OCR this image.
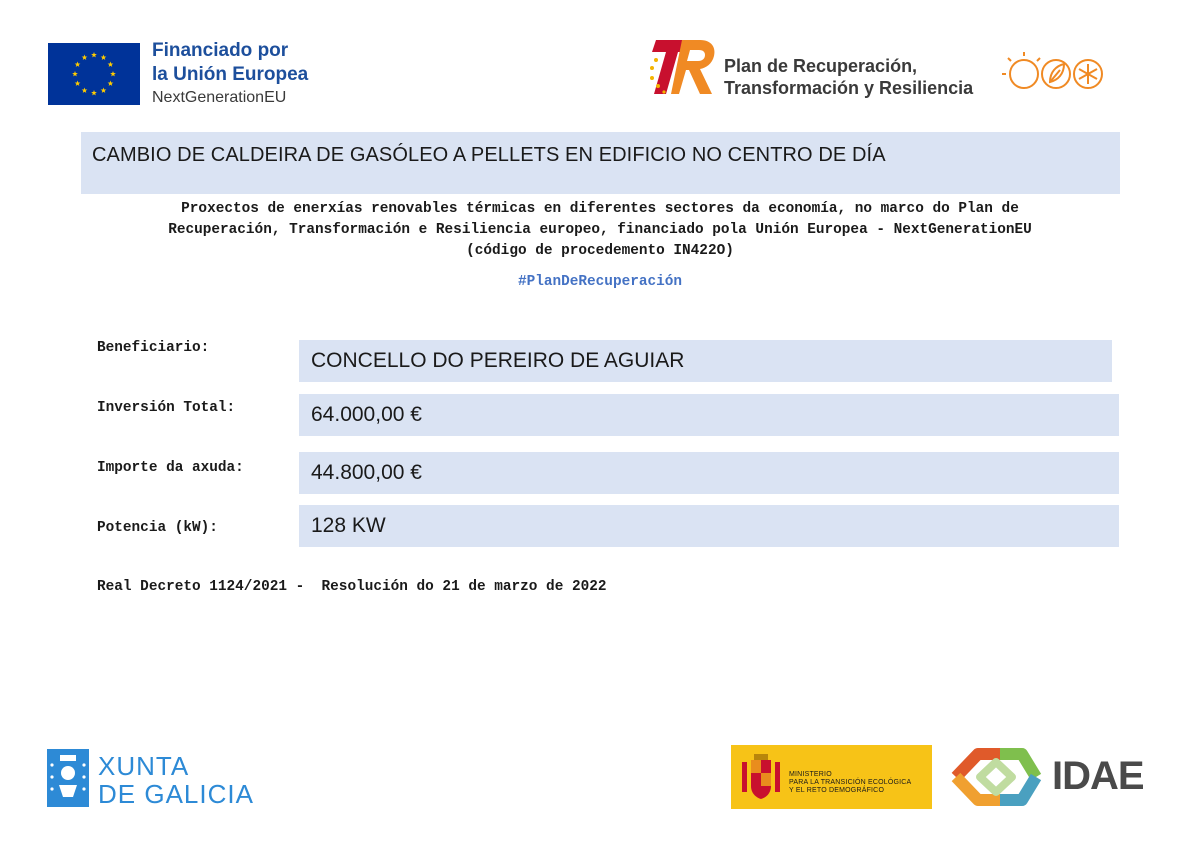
Financiado por
la Unión Europea
NextGenerationEU
Plan de Recuperación,
Transformación y Resiliencia
CAMBIO DE CALDEIRA DE GASÓLEO A PELLETS EN EDIFICIO NO CENTRO DE DÍA
Proxectos de enerxías renovables térmicas en diferentes sectores da economía, no marco do Plan de
Recuperación, Transformación e Resiliencia europeo, financiado pola Unión Europea - NextGenerationEU
(código de procedemento IN422O)
#PlanDeRecuperación
Beneficiario:
CONCELLO DO PEREIRO DE AGUIAR
Inversión Total:	64.000,00 €
Importe da axuda:	44.800,00 €
Potencia (kW):	128 KW
Real Decreto 1124/2021 -  Resolución do 21 de marzo de 2022
XUNTA
DE GALICIA
MINISTERIO
PARA LA TRANSICIÓN ECOLÓGICA
Y EL RETO DEMOGRÁFICO	IDAE
